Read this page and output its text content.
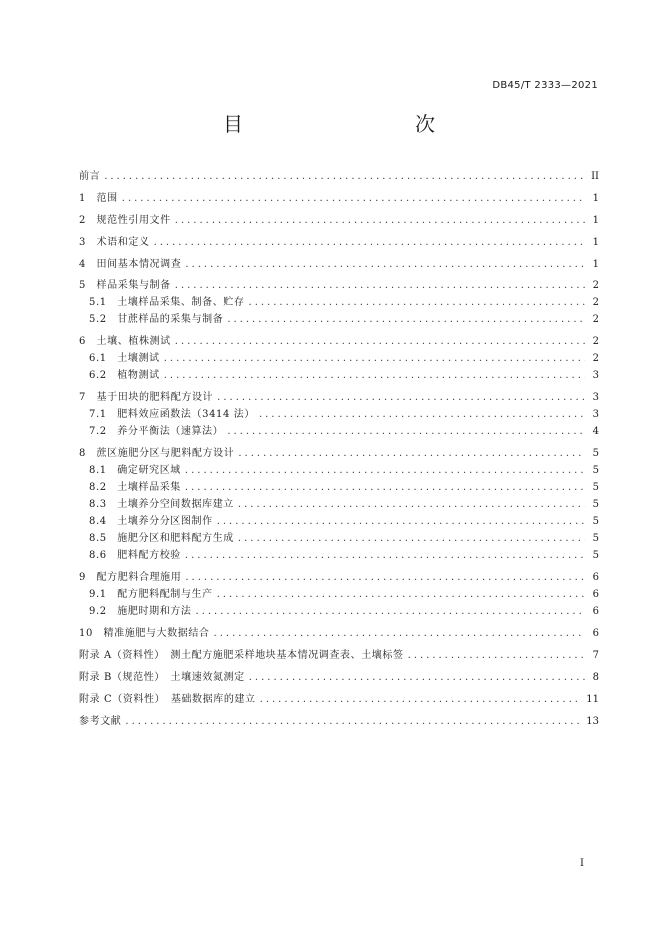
DB45/T 2333—2021
目　　次
前言 .....	II
1　范围 .....	1
2　规范性引用文件 .....	1
3　术语和定义 .....	1
4　田间基本情况调查 .....	1
5　样品采集与制备 .....	2
5.1　土壤样品采集、制备、贮存 .....	2
5.2　甘蔗样品的采集与制备 .....	2
6　土壤、植株测试 .....	2
6.1　土壤测试 .....	2
6.2　植物测试 .....	3
7　基于田块的肥料配方设计 .....	3
7.1　肥料效应函数法（3414 法） .....	3
7.2　养分平衡法（速算法） .....	4
8　蔗区施肥分区与肥料配方设计 .....	5
8.1　确定研究区域 .....	5
8.2　土壤样品采集 .....	5
8.3　土壤养分空间数据库建立 .....	5
8.4　土壤养分分区图制作 .....	5
8.5　施肥分区和肥料配方生成 .....	5
8.6　肥料配方校验 .....	5
9　配方肥料合理施用 .....	6
9.1　配方肥料配制与生产 .....	6
9.2　施肥时期和方法 .....	6
10　精准施肥与大数据结合 .....	6
附录 A（资料性）　测土配方施肥采样地块基本情况调查表、土壤标签 .....	7
附录 B（规范性）　土壤速效氮测定 .....	8
附录 C（资料性）　基础数据库的建立 .....	11
参考文献 .....	13
I
